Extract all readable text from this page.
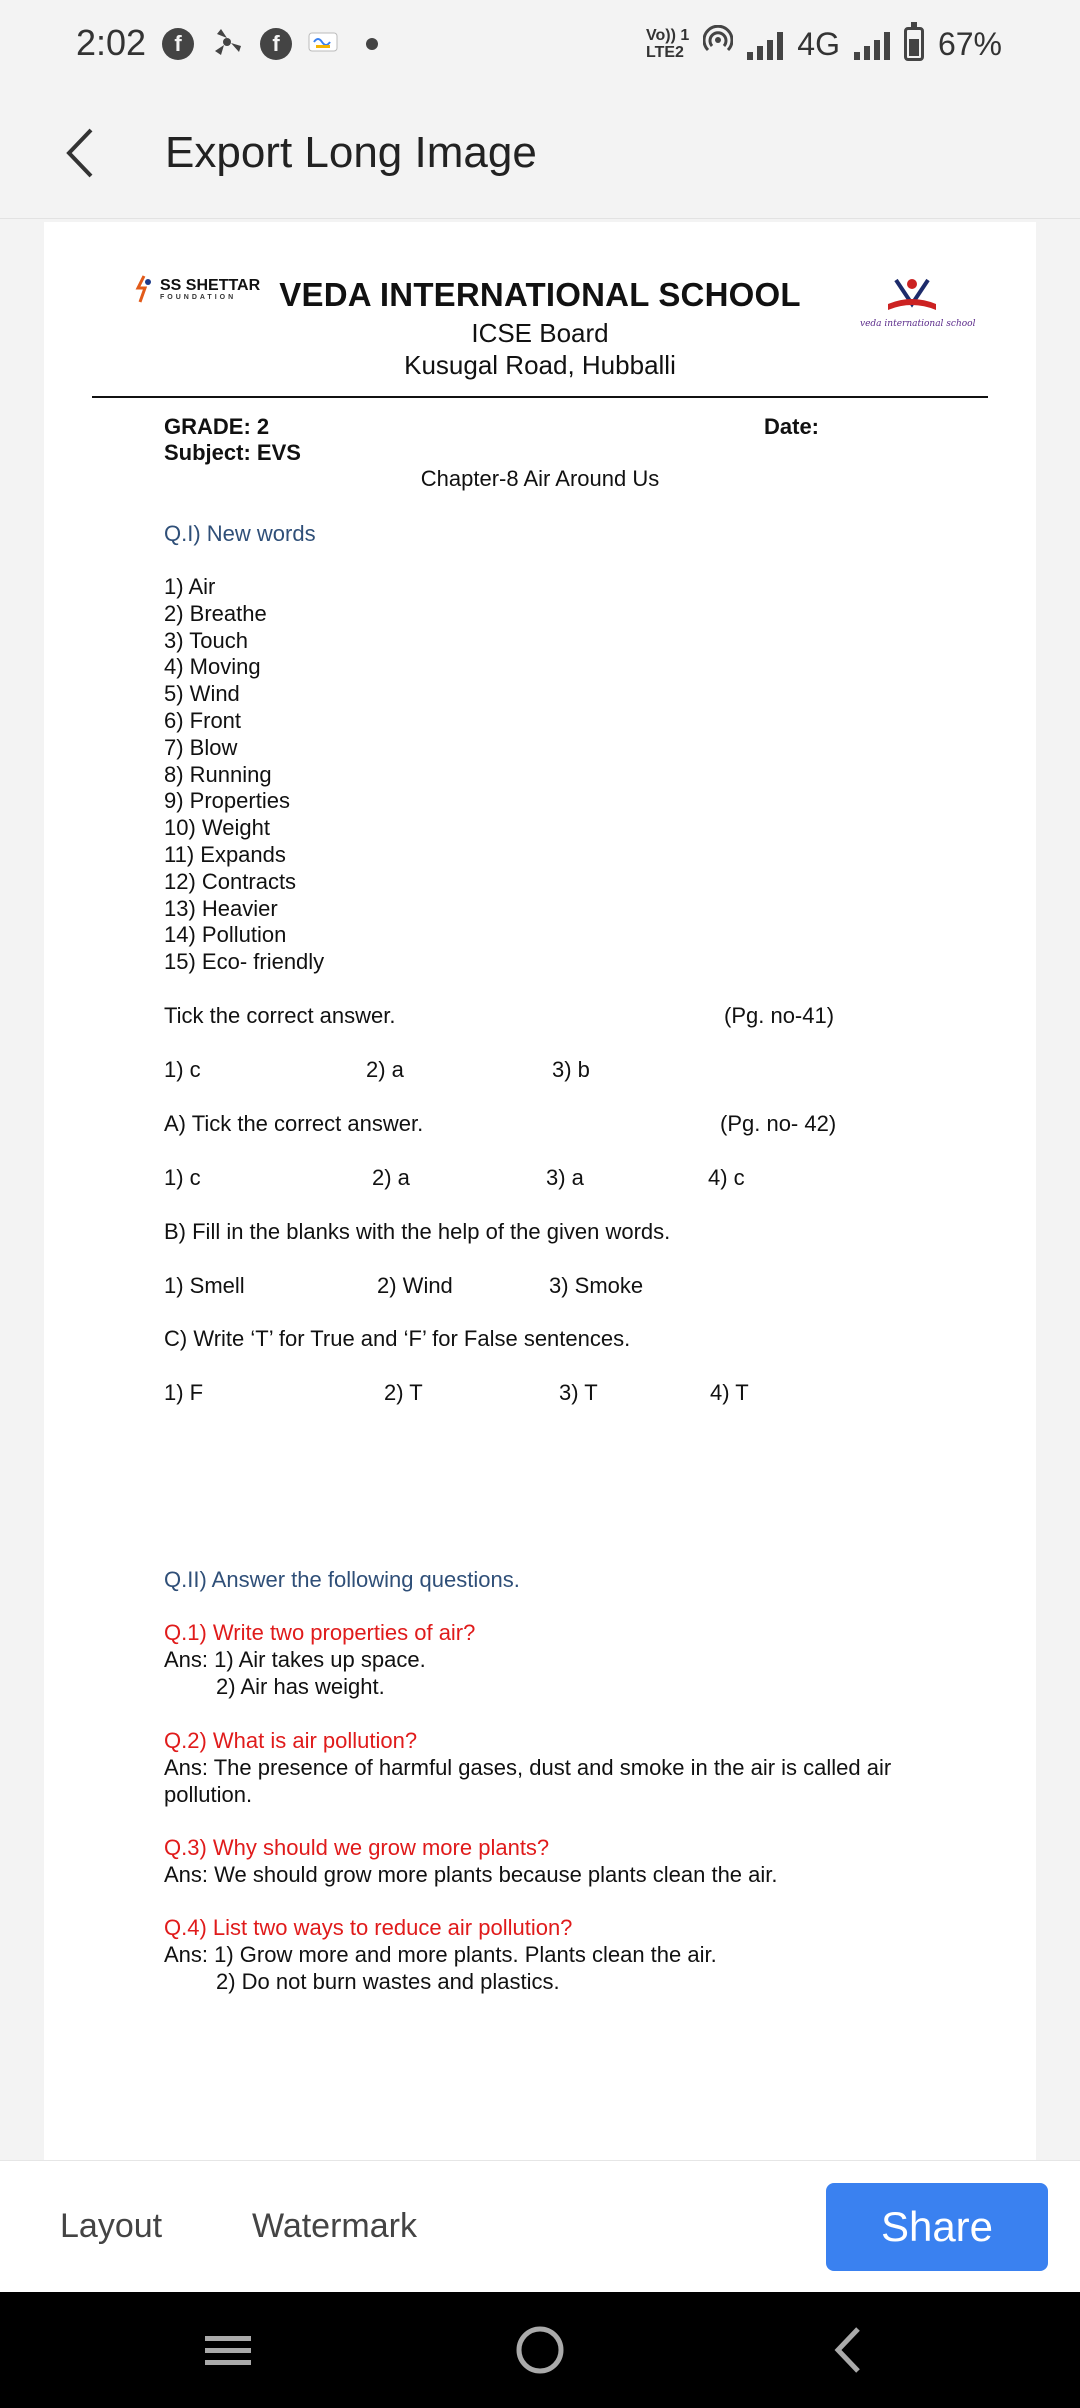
2:02	f	f	Vo)) 1
LTE2	4G	67%
Export Long Image
SS SHETTAR
FOUNDATION
veda international school
VEDA INTERNATIONAL SCHOOL
ICSE Board
Kusugal Road, Hubballi
GRADE: 2
Subject: EVS
Date:
Chapter-8 Air Around Us
Q.I) New words
1) Air
2) Breathe
3) Touch
4) Moving
5) Wind
6) Front
7) Blow
8) Running
9) Properties
10) Weight
11) Expands
12) Contracts
13) Heavier
14) Pollution
15) Eco- friendly
Tick the correct answer.	(Pg. no-41)
1) c	2) a	3) b
A) Tick the correct answer.	(Pg. no- 42)
1) c	2) a	3) a	4) c
B) Fill in the blanks with the help of the given words.
1) Smell	2) Wind	3) Smoke
C) Write ‘T’ for True and ‘F’ for False sentences.
1) F	2) T	3) T	4) T
Q.II) Answer the following questions.
Q.1) Write two properties of air?
Ans: 1) Air takes up space.
2) Air has weight.
Q.2) What is air pollution?
Ans: The presence of harmful gases, dust and smoke in the air is called air pollution.
Q.3) Why should we grow more plants?
Ans: We should grow more plants because plants clean the air.
Q.4) List two ways to reduce air pollution?
Ans: 1) Grow more and more plants. Plants clean the air.
2) Do not burn wastes and plastics.
Layout	Watermark	Share
